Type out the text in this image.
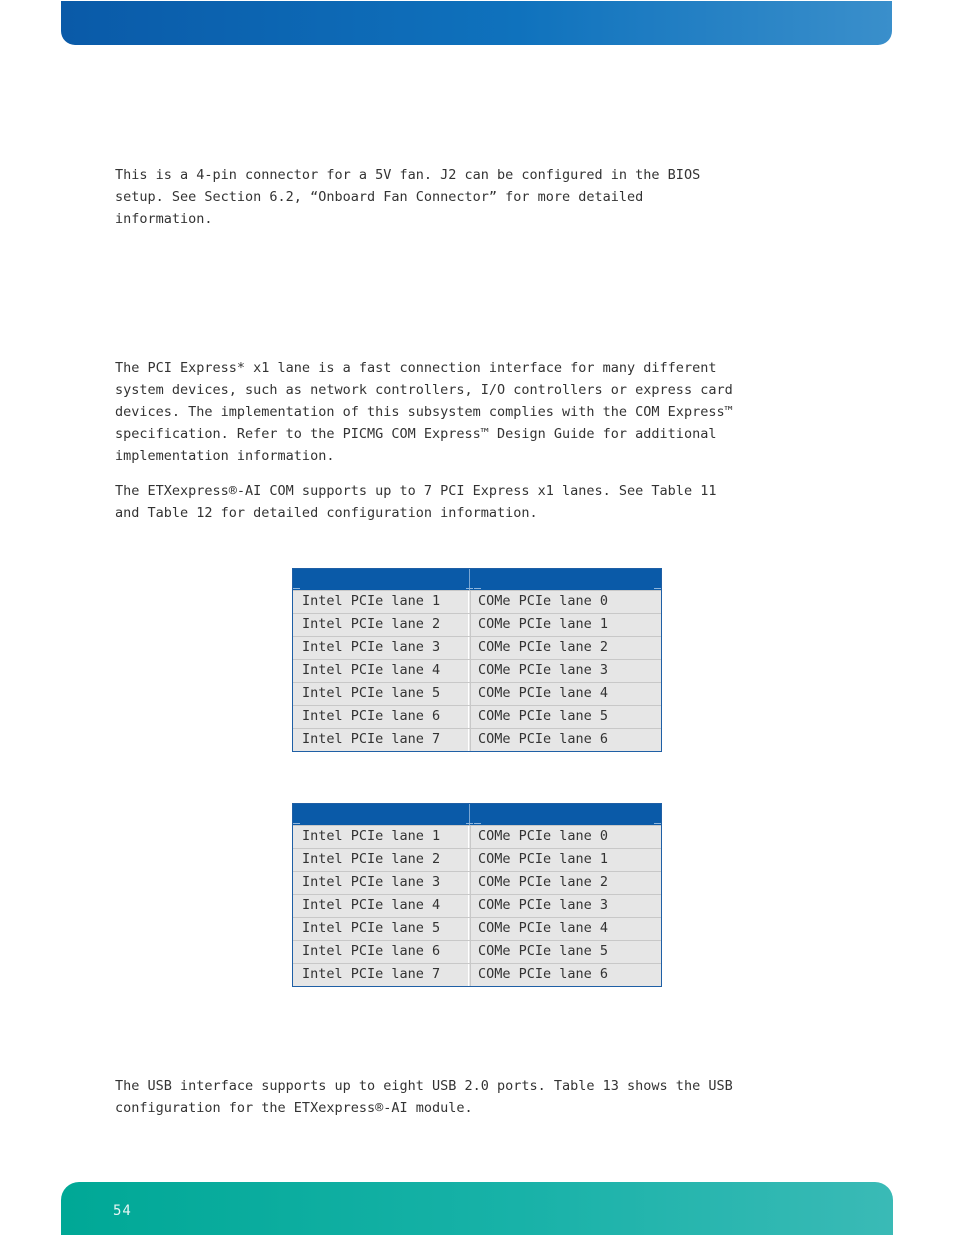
This is a 4-pin connector for a 5V fan. J2 can be configured in the BIOS
setup. See Section 6.2, “Onboard Fan Connector” for more detailed
information.

The PCI Express* x1 lane is a fast connection interface for many different
system devices, such as network controllers, I/O controllers or express card
devices. The implementation of this subsystem complies with the COM Express™
specification. Refer to the PICMG COM Express™ Design Guide for additional
implementation information.

The ETXexpress®-AI COM supports up to 7 PCI Express x1 lanes. See Table 11
and Table 12 for detailed configuration information.

Intel PCIe lane 1	COMe PCIe lane 0
Intel PCIe lane 2	COMe PCIe lane 1
Intel PCIe lane 3	COMe PCIe lane 2
Intel PCIe lane 4	COMe PCIe lane 3
Intel PCIe lane 5	COMe PCIe lane 4
Intel PCIe lane 6	COMe PCIe lane 5
Intel PCIe lane 7	COMe PCIe lane 6
Intel PCIe lane 1	COMe PCIe lane 0
Intel PCIe lane 2	COMe PCIe lane 1
Intel PCIe lane 3	COMe PCIe lane 2
Intel PCIe lane 4	COMe PCIe lane 3
Intel PCIe lane 5	COMe PCIe lane 4
Intel PCIe lane 6	COMe PCIe lane 5
Intel PCIe lane 7	COMe PCIe lane 6

The USB interface supports up to eight USB 2.0 ports. Table 13 shows the USB
configuration for the ETXexpress®-AI module.

54
